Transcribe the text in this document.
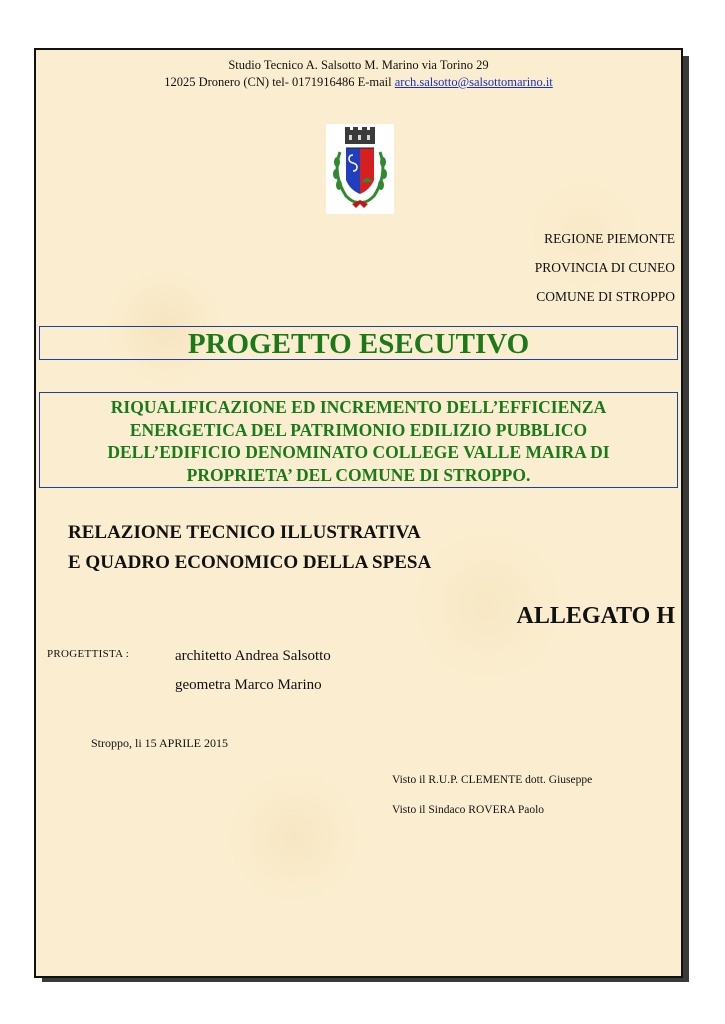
Studio Tecnico A. Salsotto M. Marino via Torino 29
12025 Dronero (CN) tel- 0171916486 E-mail arch.salsotto@salsottomarino.it
REGIONE PIEMONTE
PROVINCIA DI CUNEO
COMUNE DI STROPPO
PROGETTO ESECUTIVO
RIQUALIFICAZIONE ED INCREMENTO DELL’EFFICIENZA
ENERGETICA DEL PATRIMONIO EDILIZIO PUBBLICO
DELL’EDIFICIO DENOMINATO COLLEGE VALLE MAIRA DI
PROPRIETA’ DEL COMUNE DI STROPPO.
RELAZIONE TECNICO ILLUSTRATIVA
E QUADRO ECONOMICO DELLA SPESA
ALLEGATO H
PROGETTISTA :	architetto Andrea Salsotto
geometra Marco Marino
Stroppo, li 15 APRILE 2015
Visto il R.U.P. CLEMENTE dott. Giuseppe
Visto il Sindaco ROVERA Paolo
